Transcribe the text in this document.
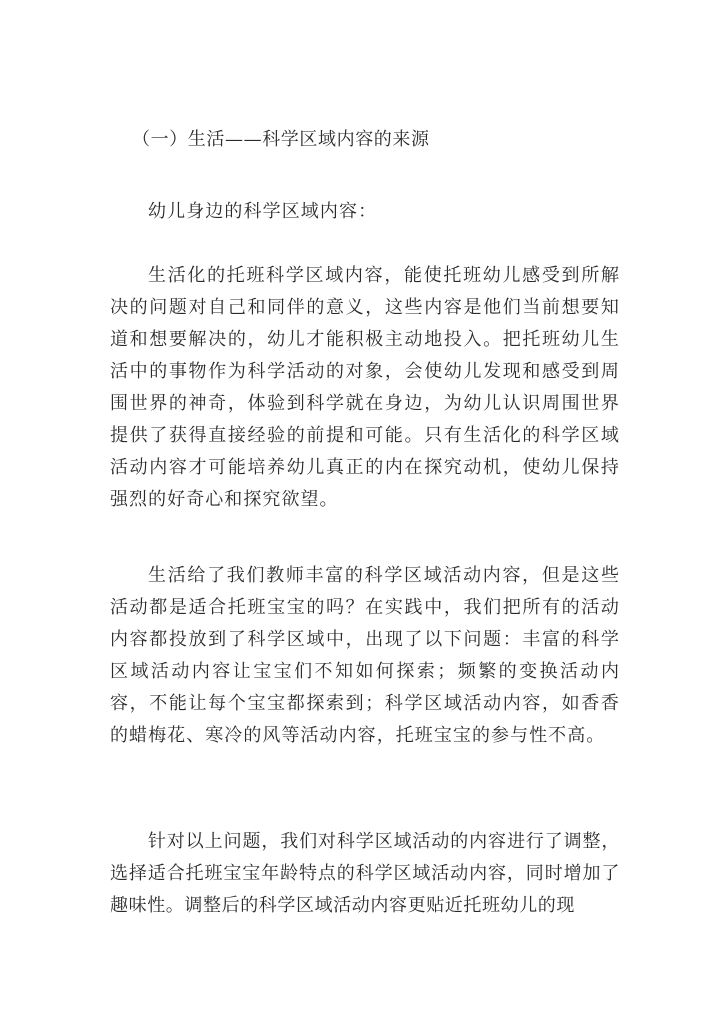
（一）生活——科学区域内容的来源
幼儿身边的科学区域内容：

生活化的托班科学区域内容，能使托班幼儿感受到所解决的问题对自己和同伴的意义，这些内容是他们当前想要知道和想要解决的，幼儿才能积极主动地投入。把托班幼儿生活中的事物作为科学活动的对象，会使幼儿发现和感受到周围世界的神奇，体验到科学就在身边，为幼儿认识周围世界提供了获得直接经验的前提和可能。只有生活化的科学区域活动内容才可能培养幼儿真正的内在探究动机，使幼儿保持强烈的好奇心和探究欲望。

生活给了我们教师丰富的科学区域活动内容，但是这些活动都是适合托班宝宝的吗？在实践中，我们把所有的活动内容都投放到了科学区域中，出现了以下问题：丰富的科学区域活动内容让宝宝们不知如何探索；频繁的变换活动内容，不能让每个宝宝都探索到；科学区域活动内容，如香香的蜡梅花、寒冷的风等活动内容，托班宝宝的参与性不高。

针对以上问题，我们对科学区域活动的内容进行了调整，选择适合托班宝宝年龄特点的科学区域活动内容，同时增加了趣味性。调整后的科学区域活动内容更贴近托班幼儿的现
